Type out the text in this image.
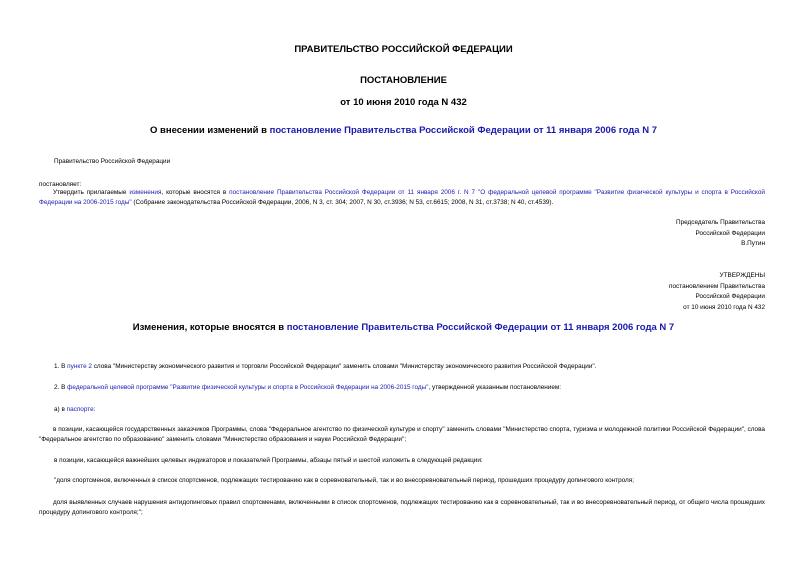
ПРАВИТЕЛЬСТВО РОССИЙСКОЙ ФЕДЕРАЦИИ
ПОСТАНОВЛЕНИЕ
от 10 июня 2010 года N 432
О внесении изменений в постановление Правительства Российской Федерации от 11 января 2006 года N 7
Правительство Российской Федерации
постановляет:
Утвердить прилагаемые изменения, которые вносятся в постановление Правительства Российской Федерации от 11 января 2006 г. N 7 "О федеральной целевой программе "Развитие физической культуры и спорта в Российской Федерации на 2006-2015 годы" (Собрание законодательства Российской Федерации, 2006, N 3, ст. 304; 2007, N 30, ст.3936; N 53, ст.6615; 2008, N 31, ст.3738; N 40, ст.4539).
Председатель Правительства
Российской Федерации
В.Путин
УТВЕРЖДЕНЫ
постановлением Правительства
Российской Федерации
от 10 июня 2010 года N 432
Изменения, которые вносятся в постановление Правительства Российской Федерации от 11 января 2006 года N 7
1. В пункте 2 слова "Министерству экономического развития и торговли Российской Федерации" заменить словами "Министерству экономического развития Российской Федерации".
2. В федеральной целевой программе "Развитие физической культуры и спорта в Российской Федерации на 2006-2015 годы", утвержденной указанным постановлением:
а) в паспорте:
в позиции, касающейся государственных заказчиков Программы, слова "Федеральное агентство по физической культуре и спорту" заменить словами "Министерство спорта, туризма и молодежной политики Российской Федерации", слова "Федеральное агентство по образованию" заменить словами "Министерство образования и науки Российской Федерации";
в позиции, касающейся важнейших целевых индикаторов и показателей Программы, абзацы пятый и шестой изложить в следующей редакции:
"доля спортсменов, включенных в список спортсменов, подлежащих тестированию как в соревновательный, так и во внесоревновательный период, прошедших процедуру допингового контроля;
доля выявленных случаев нарушения антидопинговых правил спортсменами, включенными в список спортсменов, подлежащих тестированию как в соревновательный, так и во внесоревновательный период, от общего числа прошедших процедуру допингового контроля;";
